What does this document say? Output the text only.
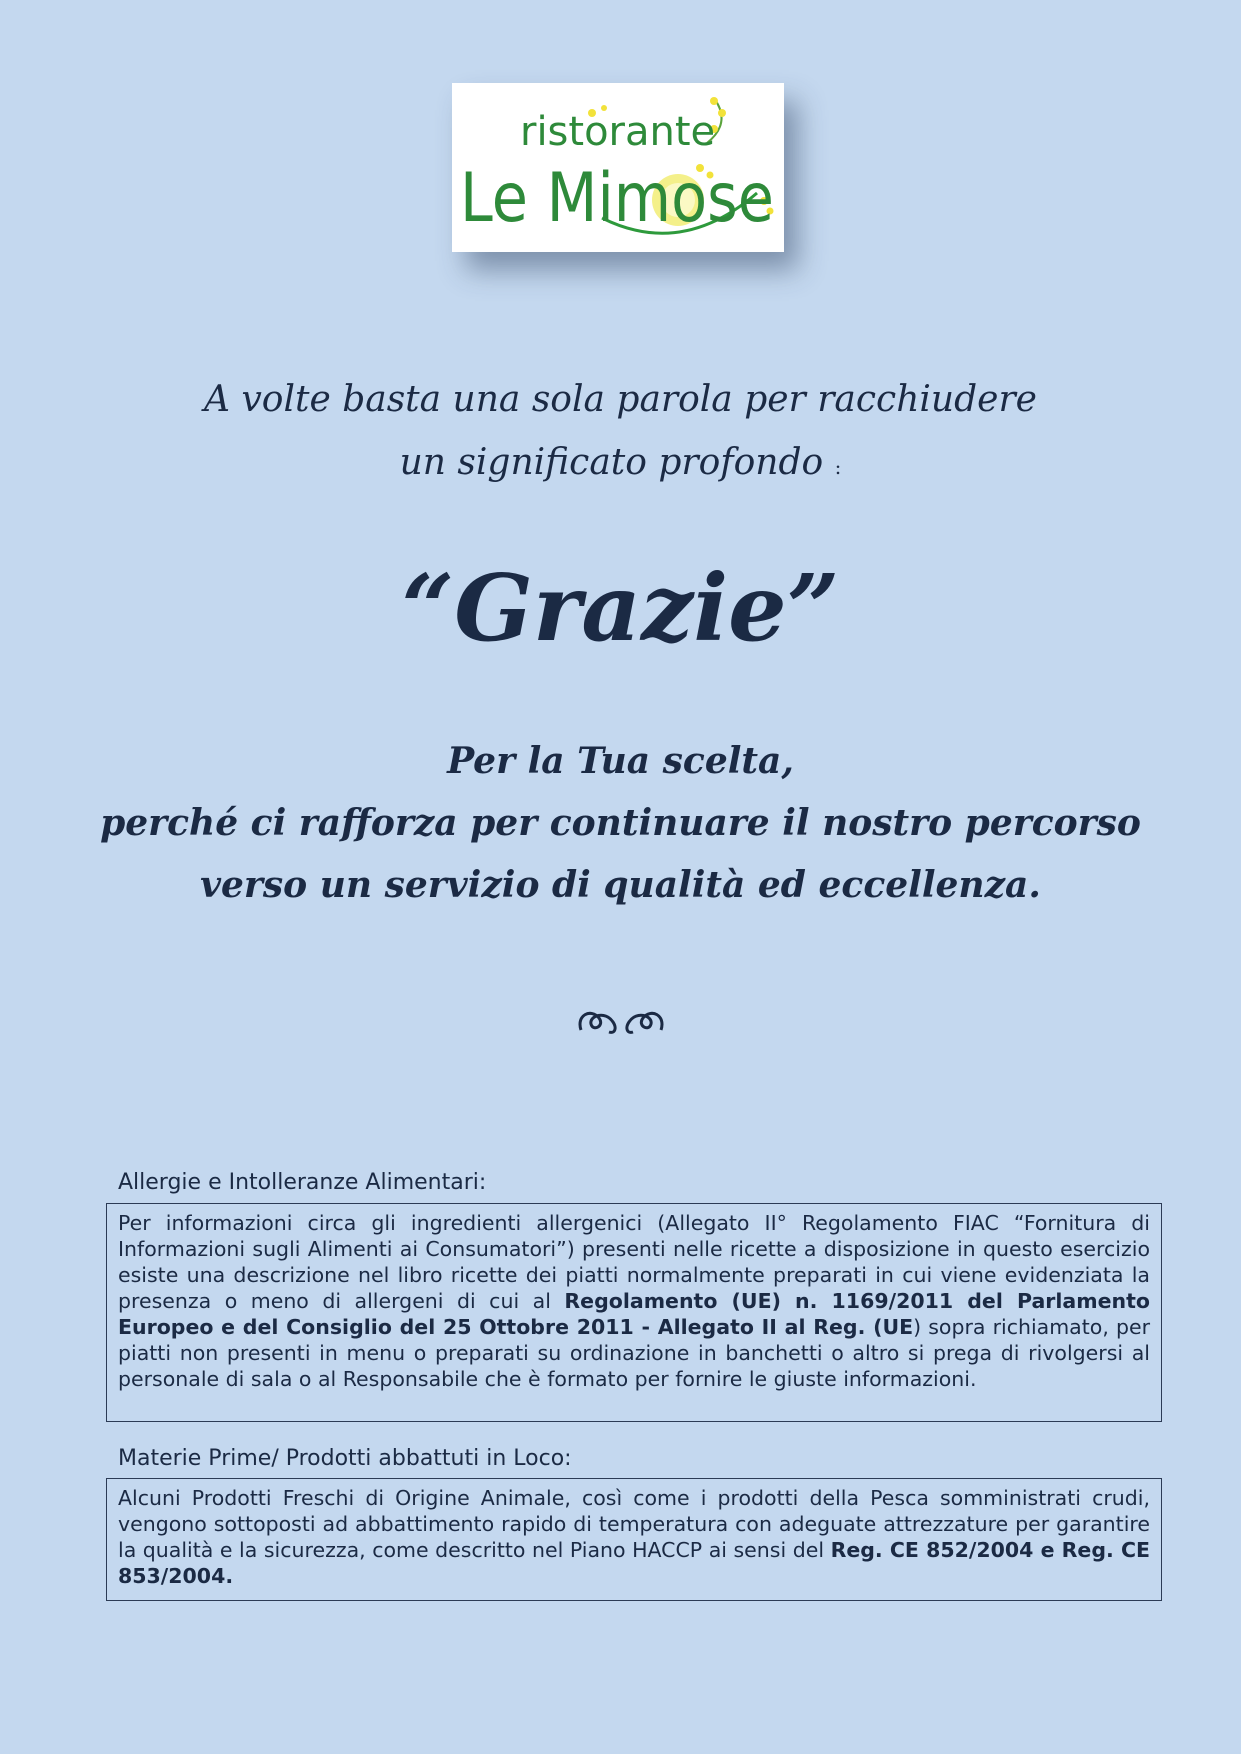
ristorante
Le Mimose
A volte basta una sola parola per racchiudere
un significato profondo :
“Grazie”
Per la Tua scelta,
perché ci rafforza per continuare il nostro percorso
verso un servizio di qualità ed eccellenza.
Allergie e Intolleranze Alimentari:
Per informazioni circa gli ingredienti allergenici (Allegato II° Regolamento FIAC “Fornitura di Informazioni sugli Alimenti ai Consumatori”) presenti nelle ricette a disposizione in questo esercizio esiste una descrizione nel libro ricette dei piatti normalmente preparati in cui viene evidenziata la presenza o meno di allergeni di cui al Regolamento (UE) n. 1169/2011 del Parlamento Europeo e del Consiglio del 25 Ottobre 2011 - Allegato II al Reg. (UE) sopra richiamato, per piatti non presenti in menu o preparati su ordinazione in banchetti o altro si prega di rivolgersi al personale di sala o al Responsabile che è formato per fornire le giuste informazioni.
Materie Prime/ Prodotti abbattuti in Loco:
Alcuni Prodotti Freschi di Origine Animale, così come i prodotti della Pesca somministrati crudi, vengono sottoposti ad abbattimento rapido di temperatura con adeguate attrezzature per garantire la qualità e la sicurezza, come descritto nel Piano HACCP ai sensi del Reg. CE 852/2004 e Reg. CE 853/2004.
